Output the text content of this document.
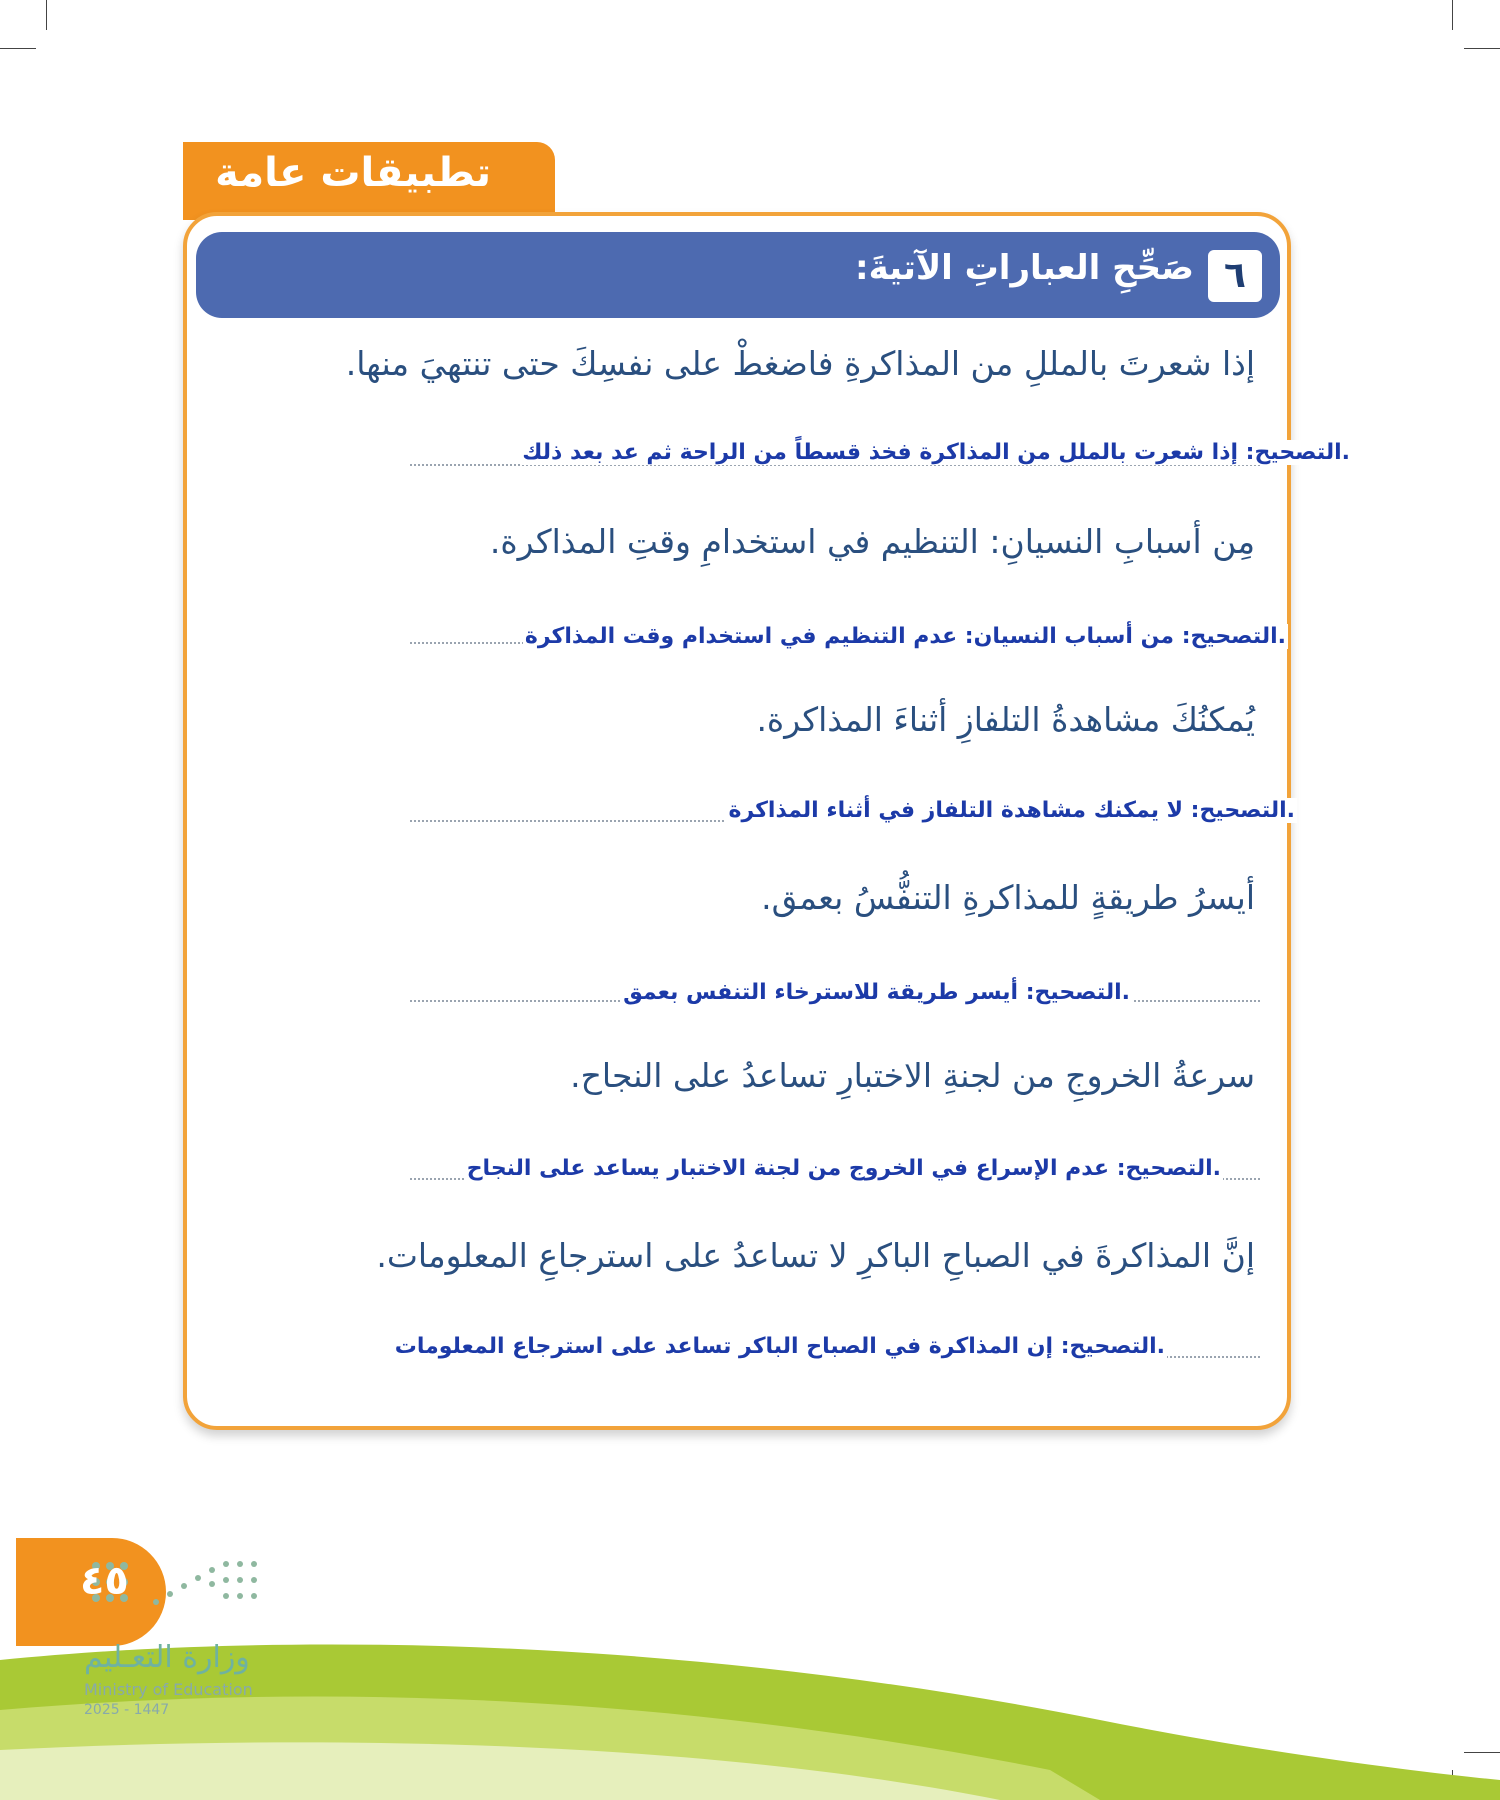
تطبيقات عامة
٦
صَحِّحِ العباراتِ الآتيةَ:
إذا شعرتَ بالمللِ من المذاكرةِ فاضغطْ على نفسِكَ حتى تنتهيَ منها.
.التصحيح: إذا شعرت بالملل من المذاكرة فخذ قسطاً من الراحة ثم عد بعد ذلك
مِن أسبابِ النسيانِ: التنظيم في استخدامِ وقتِ المذاكرة.
.التصحيح: من أسباب النسيان: عدم التنظيم في استخدام وقت المذاكرة
يُمكنُكَ مشاهدةُ التلفازِ أثناءَ المذاكرة.
.التصحيح: لا يمكنك مشاهدة التلفاز في أثناء المذاكرة
أيسرُ طريقةٍ للمذاكرةِ التنفُّسُ بعمق.
.التصحيح: أيسر طريقة للاسترخاء التنفس بعمق
سرعةُ الخروجِ من لجنةِ الاختبارِ تساعدُ على النجاح.
.التصحيح: عدم الإسراع في الخروج من لجنة الاختبار يساعد على النجاح
إنَّ المذاكرةَ في الصباحِ الباكرِ لا تساعدُ على استرجاعِ المعلومات.
.التصحيح: إن المذاكرة في الصباح الباكر تساعد على استرجاع المعلومات
٤٥
وزارة التعـليم
Ministry of Education
2025 - 1447
